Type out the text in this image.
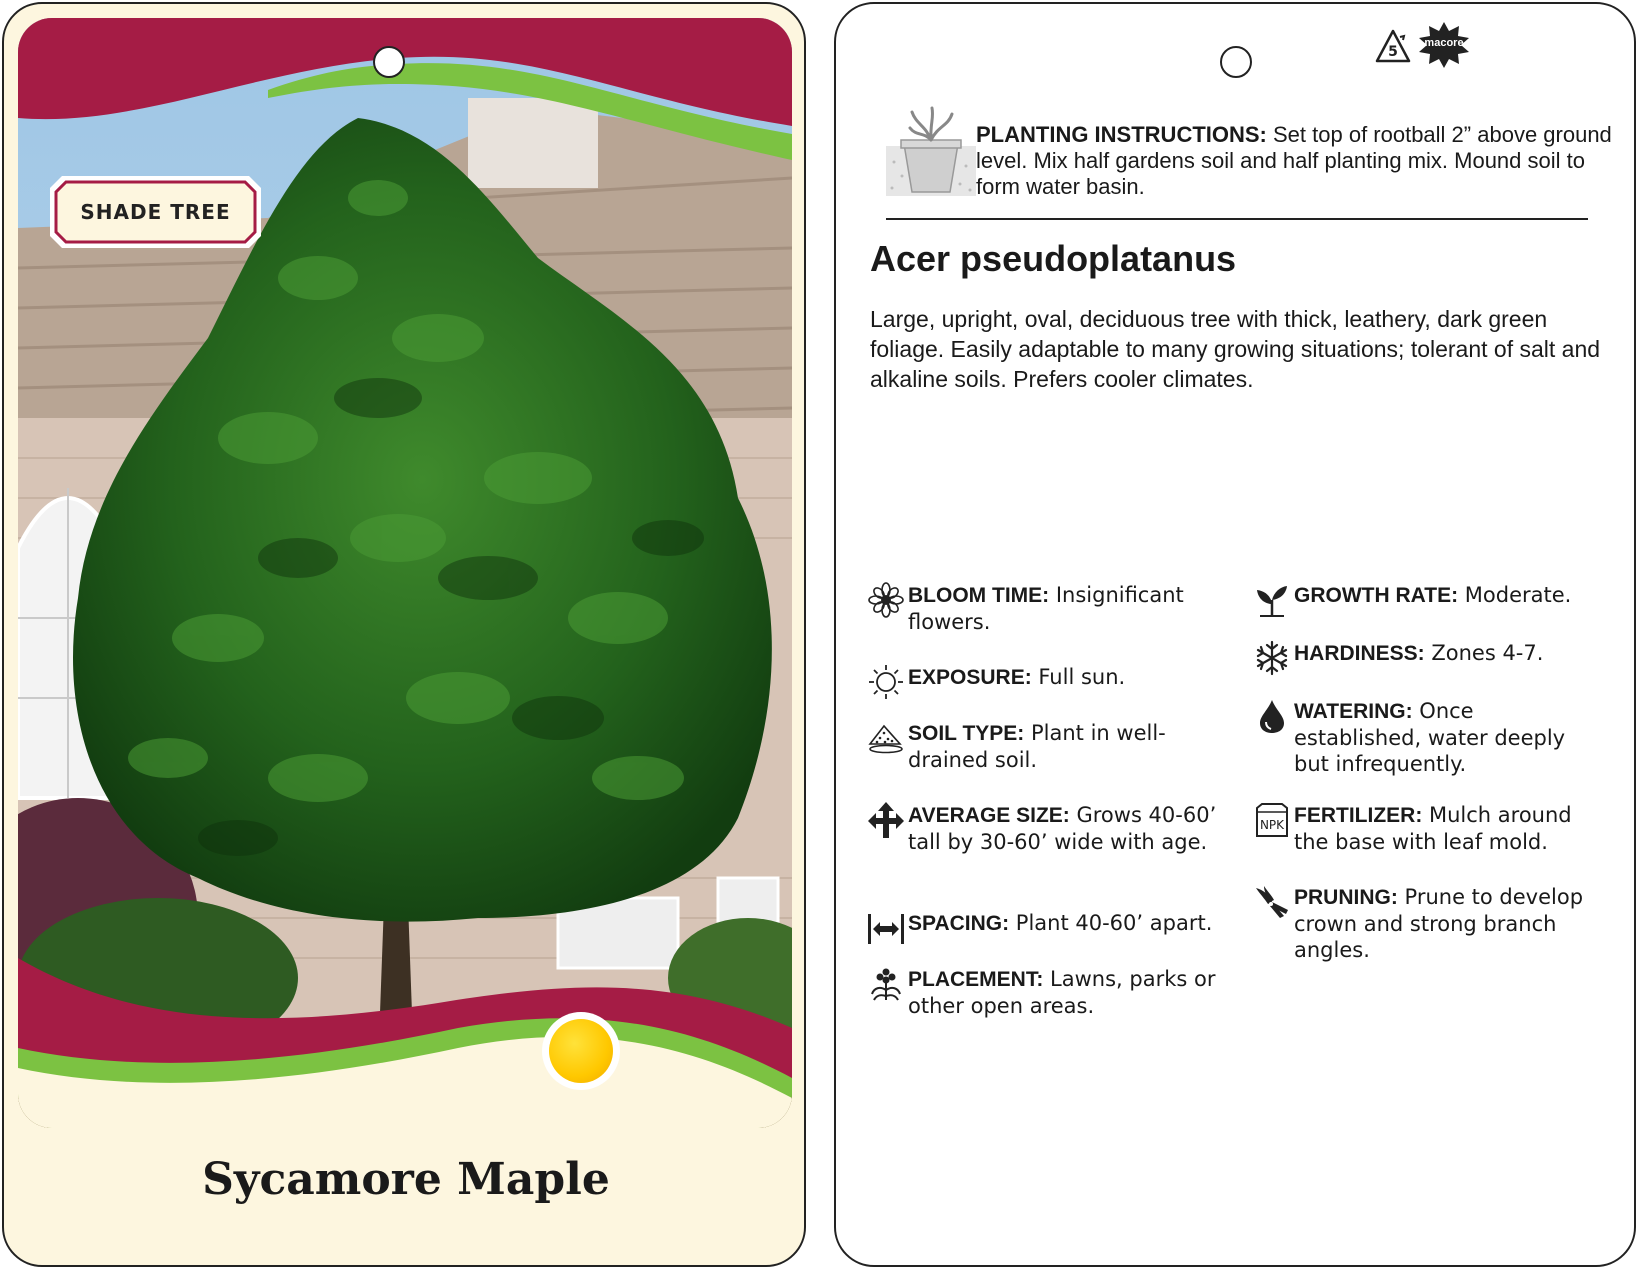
SHADE TREE
Sycamore Maple
5
macore
PLANTING INSTRUCTIONS: Set top of rootball 2” above ground level. Mix half gardens soil and half planting mix. Mound soil to form water basin.
Acer pseudoplatanus
Large, upright, oval, deciduous tree with thick, leathery, dark green foliage. Easily adaptable to many growing situations; tolerant of salt and alkaline soils. Prefers cooler climates.
BLOOM TIME: Insignificant flowers.
EXPOSURE: Full sun.
SOIL TYPE: Plant in well-drained soil.
AVERAGE SIZE: Grows 40-60’ tall by 30-60’ wide with age.
SPACING: Plant 40-60’ apart.
PLACEMENT: Lawns, parks or other open areas.
GROWTH RATE: Moderate.
HARDINESS: Zones 4-7.
WATERING: Once established, water deeply but infrequently.
NPK FERTILIZER: Mulch around the base with leaf mold.
PRUNING: Prune to develop crown and strong branch angles.
